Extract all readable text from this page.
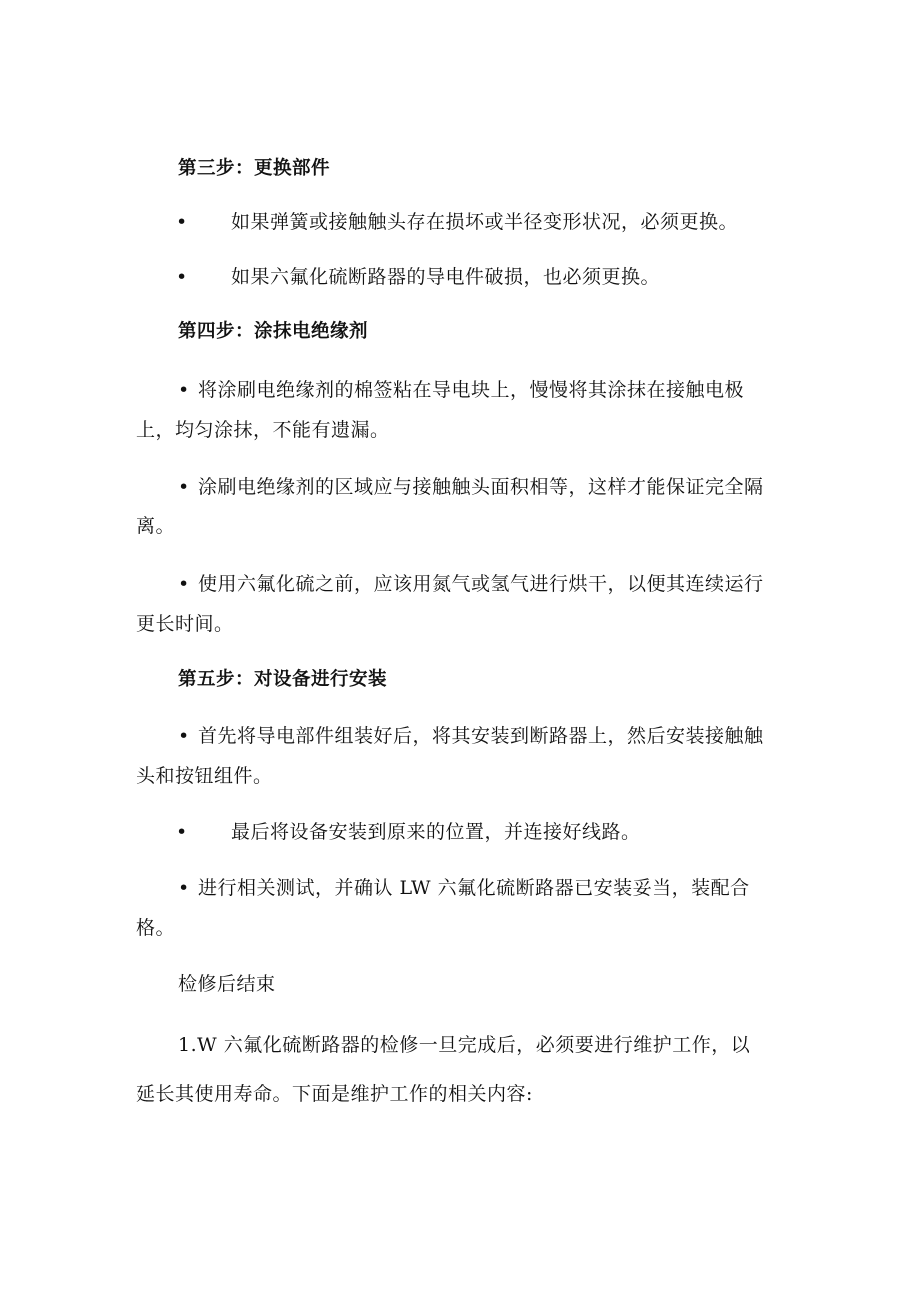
第三步：更换部件
• 如果弹簧或接触触头存在损坏或半径变形状况，必须更换。
• 如果六氟化硫断路器的导电件破损，也必须更换。
第四步：涂抹电绝缘剂
• 将涂刷电绝缘剂的棉签粘在导电块上，慢慢将其涂抹在接触电极
上，均匀涂抹，不能有遗漏。
• 涂刷电绝缘剂的区域应与接触触头面积相等，这样才能保证完全隔
离。
• 使用六氟化硫之前，应该用氮气或氢气进行烘干，以便其连续运行
更长时间。
第五步：对设备进行安装
• 首先将导电部件组装好后，将其安装到断路器上，然后安装接触触
头和按钮组件。
• 最后将设备安装到原来的位置，并连接好线路。
• 进行相关测试，并确认 LW 六氟化硫断路器已安装妥当，装配合
格。
检修后结束
1.W 六氟化硫断路器的检修一旦完成后，必须要进行维护工作，以
延长其使用寿命。下面是维护工作的相关内容:
